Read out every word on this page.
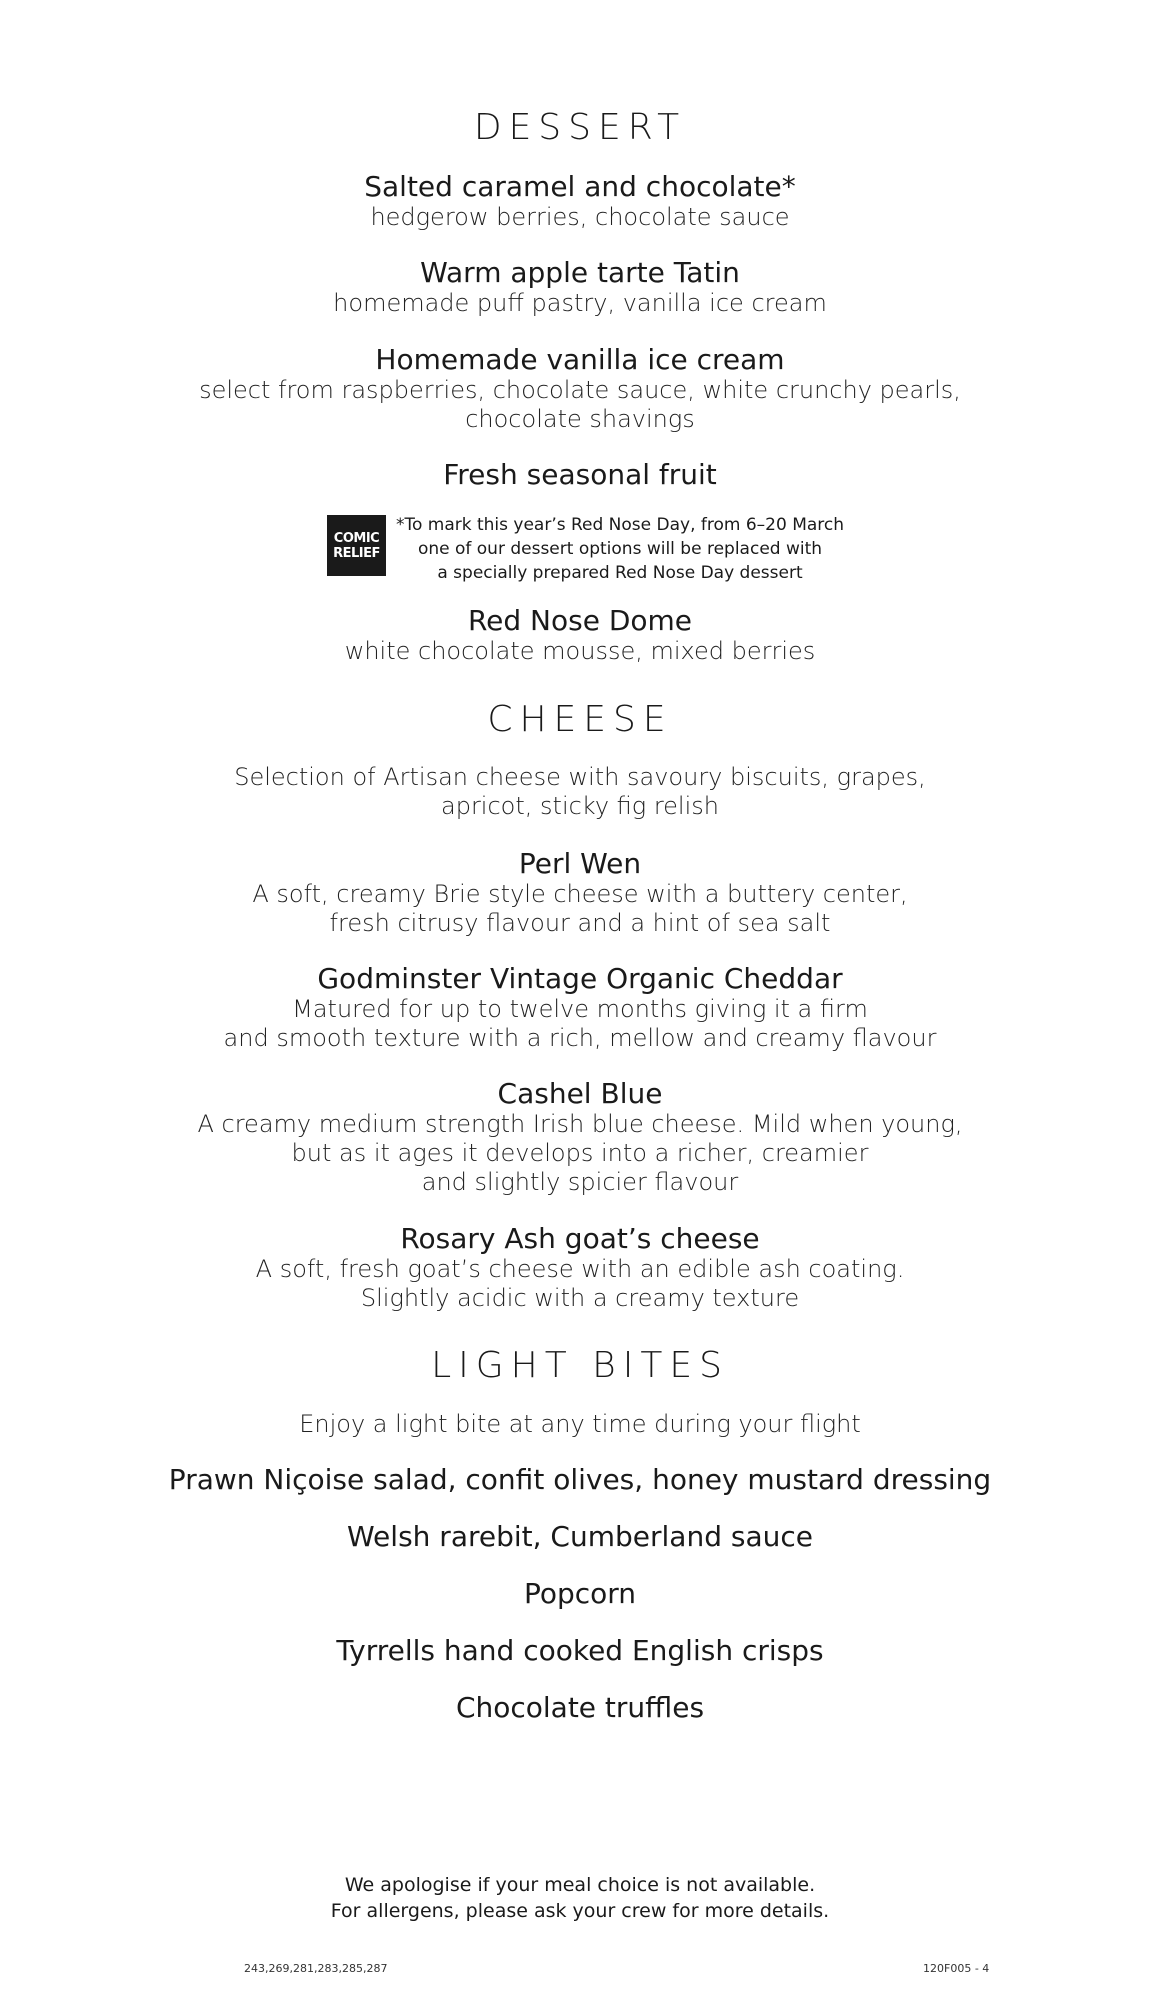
DESSERT
Salted caramel and chocolate*
hedgerow berries, chocolate sauce
Warm apple tarte Tatin
homemade puff pastry, vanilla ice cream
Homemade vanilla ice cream
select from raspberries, chocolate sauce, white crunchy pearls,
chocolate shavings
Fresh seasonal fruit
COMIC
RELIEF
*To mark this year’s Red Nose Day, from 6–20 March
one of our dessert options will be replaced with
a specially prepared Red Nose Day dessert
Red Nose Dome
white chocolate mousse, mixed berries
CHEESE
Selection of Artisan cheese with savoury biscuits, grapes,
apricot, sticky fig relish
Perl Wen
A soft, creamy Brie style cheese with a buttery center,
fresh citrusy flavour and a hint of sea salt
Godminster Vintage Organic Cheddar
Matured for up to twelve months giving it a firm
and smooth texture with a rich, mellow and creamy flavour
Cashel Blue
A creamy medium strength Irish blue cheese. Mild when young,
but as it ages it develops into a richer, creamier
and slightly spicier flavour
Rosary Ash goat’s cheese
A soft, fresh goat’s cheese with an edible ash coating.
Slightly acidic with a creamy texture
LIGHT BITES
Enjoy a light bite at any time during your flight
Prawn Niçoise salad, confit olives, honey mustard dressing
Welsh rarebit, Cumberland sauce
Popcorn
Tyrrells hand cooked English crisps
Chocolate truffles
We apologise if your meal choice is not available.
For allergens, please ask your crew for more details.
243,269,281,283,285,287	120F005 - 4
